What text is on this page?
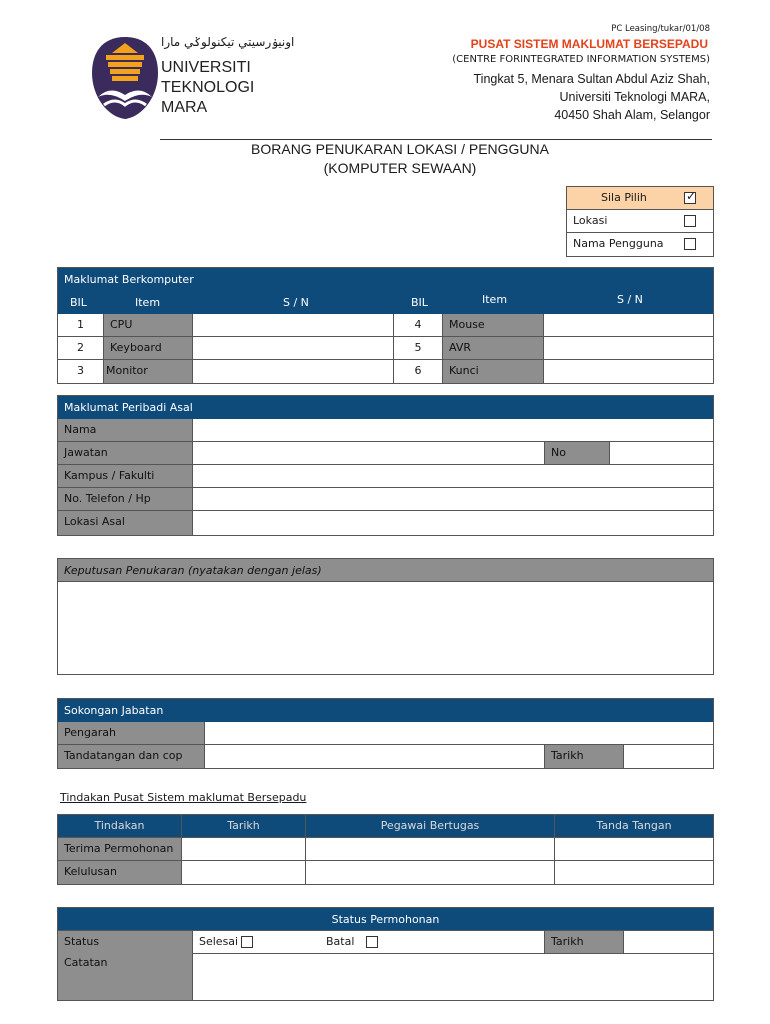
PC Leasing/tukar/01/08
اونيۏرسيتي تيکنولوݢي مارا
UNIVERSITI
TEKNOLOGI
MARA
PUSAT SISTEM MAKLUMAT BERSEPADU
(CENTRE FORINTEGRATED INFORMATION SYSTEMS)
Tingkat 5, Menara Sultan Abdul Aziz Shah,
Universiti Teknologi MARA,
40450 Shah Alam, Selangor
BORANG PENUKARAN LOKASI / PENGGUNA
(KOMPUTER SEWAAN)
Sila Pilih	✓
Lokasi
Nama Pengguna
Maklumat Berkomputer
BIL	Item	S / N	BIL	Item	S / N
1	CPU	4	Mouse
2	Keyboard	5	AVR
3	Monitor	6	Kunci
Maklumat Peribadi Asal
Nama
Jawatan	No
Kampus / Fakulti
No. Telefon / Hp
Lokasi Asal
Keputusan Penukaran (nyatakan dengan jelas)
Sokongan Jabatan
Pengarah
Tandatangan dan cop	Tarikh
Tindakan Pusat Sistem maklumat Bersepadu
Tindakan	Tarikh	Pegawai Bertugas	Tanda Tangan
Terima Permohonan
Kelulusan
Status Permohonan
Status	Selesai	Batal	Tarikh
Catatan
